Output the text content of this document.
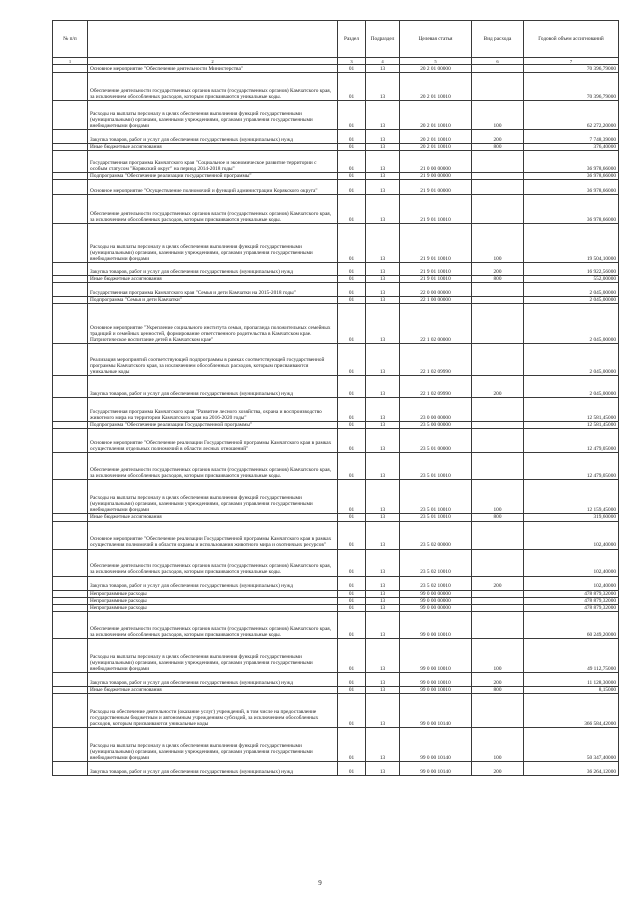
№ п/п		Раздел	Подраздел	Целевая статья	Вид расхода	Годовой объем ассигнований
1	2	3	4	5	6	7
	Основное мероприятие "Обеспечение деятельности Министерства"	01	13	20 2 01 00000		70 396,79000
	Обеспечение деятельности государственных органов власти (государственных органов) Камчатского края, за исключением обособленных расходов, которым присваиваются уникальные коды.	01	13	20 2 01 10010		70 396,79000
	Расходы на выплаты персоналу в целях обеспечения выполнения функций государственными (муниципальными) органами, казенными учреждениями, органами управления государственными внебюджетными фондами	01	13	20 2 01 10010	100	62 272,20000
	Закупка товаров, работ и услуг для обеспечения государственных (муниципальных) нужд	01	13	20 2 01 10010	200	7 748,39000
	Иные бюджетные ассигнования	01	13	20 2 01 10010	800	376,40000
	Государственная программа Камчатского края "Социальное и экономическое развитие территории с особым статусом "Корякский округ" на период 2014-2018 годы"	01	13	21 0 00 00000		36 978,66000
	Подпрограмма "Обеспечение реализации государственной программы"	01	13	21 9 00 00000		36 978,66000
	Основное мероприятие "Осуществление полномочий и функций администрации Корякского округа"	01	13	21 9 01 00000		36 978,66000
	Обеспечение деятельности государственных органов власти (государственных органов) Камчатского края, за исключением обособленных расходов, которым присваиваются уникальные коды.	01	13	21 9 01 10010		36 978,66000
	Расходы на выплаты персоналу в целях обеспечения выполнения функций государственными (муниципальными) органами, казенными учреждениями, органами управления государственными внебюджетными фондами	01	13	21 9 01 10010	100	19 504,10000
	Закупка товаров, работ и услуг для обеспечения государственных (муниципальных) нужд	01	13	21 9 01 10010	200	16 922,56000
	Иные бюджетные ассигнования	01	13	21 9 01 10010	800	552,00000
	Государственная программа Камчатского края "Семья и дети Камчатки на 2015-2018 годы"	01	13	22 0 00 00000		2 045,00000
	Подпрограмма "Семья и дети Камчатки"	01	13	22 1 00 00000		2 045,00000
	Основное мероприятие "Укрепление социального института семьи, пропаганда положительных семейных традиций и семейных ценностей, формирование ответственного родительства в Камчатском крае. Патриотическое воспитание детей в Камчатском крае"	01	13	22 1 02 00000		2 045,00000
	Реализация мероприятий соответствующей подпрограммы в рамках соответствующей государственной программы Камчатского края, за исключением обособленных расходов, которым присваиваются уникальные коды	01	13	22 1 02 09990		2 045,00000
	Закупка товаров, работ и услуг для обеспечения государственных (муниципальных) нужд	01	13	22 1 02 09990	200	2 045,00000
	Государственная программа Камчатского края "Развитие лесного хозяйства, охрана и воспроизводство животного мира на территории Камчатского края на 2016-2020 годы"	01	13	23 0 00 00000		12 581,45000
	Подпрограмма "Обеспечение реализации Государственной программы"	01	13	23 5 00 00000		12 581,45000
	Основное мероприятие "Обеспечение реализации Государственной программы Камчатского края в рамках осуществления отдельных полномочий в области лесных отношений"	01	13	23 5 01 00000		12 479,05000
	Обеспечение деятельности государственных органов власти (государственных органов) Камчатского края, за исключением обособленных расходов, которым присваиваются уникальные коды.	01	13	23 5 01 10010		12 479,05000
	Расходы на выплаты персоналу в целях обеспечения выполнения функций государственными (муниципальными) органами, казенными учреждениями, органами управления государственными внебюджетными фондами	01	13	23 5 01 10010	100	12 159,45000
	Иные бюджетные ассигнования	01	13	23 5 01 10010	800	319,60000
	Основное мероприятие "Обеспечение реализации Государственной программы Камчатского края в рамках осуществления полномочий в области охраны и использования животного мира и охотничьих ресурсов"	01	13	23 5 02 00000		102,40000
	Обеспечение деятельности государственных органов власти (государственных органов) Камчатского края, за исключением обособленных расходов, которым присваиваются уникальные коды.	01	13	23 5 02 10010		102,40000
	Закупка товаров, работ и услуг для обеспечения государственных (муниципальных) нужд	01	13	23 5 02 10010	200	102,40000
	Непрограммные расходы	01	13	99 0 00 00000		478 879,32000
	Непрограммные расходы	01	13	99 0 00 00000		478 879,32000
	Непрограммные расходы	01	13	99 0 00 00000		478 879,32000
	Обеспечение деятельности государственных органов власти (государственных органов) Камчатского края, за исключением обособленных расходов, которым присваиваются уникальные коды.	01	13	99 0 00 10010		60 249,20000
	Расходы на выплаты персоналу в целях обеспечения выполнения функций государственными (муниципальными) органами, казенными учреждениями, органами управления государственными внебюджетными фондами	01	13	99 0 00 10010	100	49 112,75000
	Закупка товаров, работ и услуг для обеспечения государственных (муниципальных) нужд	01	13	99 0 00 10010	200	11 128,30000
	Иные бюджетные ассигнования	01	13	99 0 00 10010	800	8,15000
	Расходы на обеспечение деятельности (оказание услуг) учреждений, в том числе на предоставление государственным бюджетным и автономным учреждениям субсидий, за исключением обособленных расходов, которым присваиваются уникальные коды	01	13	99 0 00 10140		366 584,42000
	Расходы на выплаты персоналу в целях обеспечения выполнения функций государственными (муниципальными) органами, казенными учреждениями, органами управления государственными внебюджетными фондами	01	13	99 0 00 10140	100	50 347,40000
	Закупка товаров, работ и услуг для обеспечения государственных (муниципальных) нужд	01	13	99 0 00 10140	200	36 264,12000
9
